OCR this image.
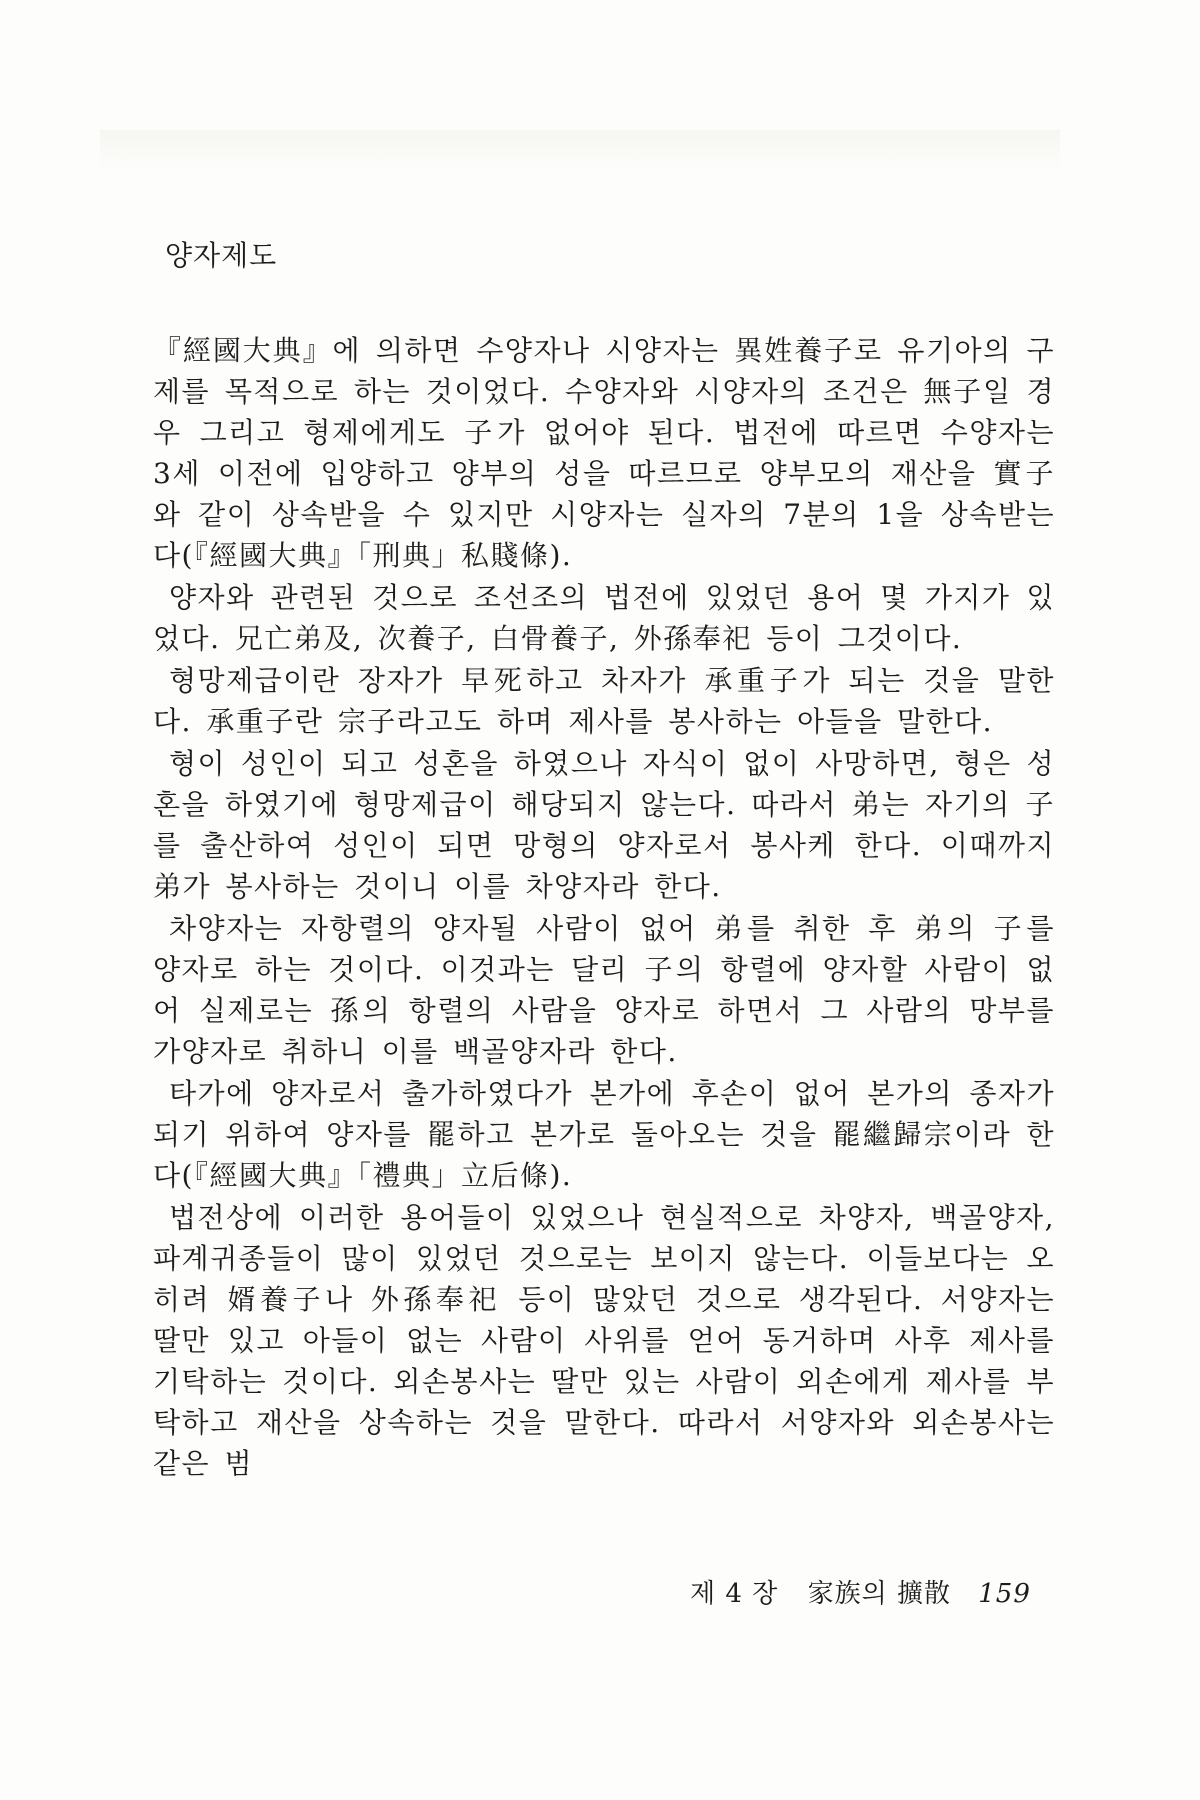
양자제도

『經國大典』에 의하면 수양자나 시양자는 異姓養子로 유기아의 구제를 목적으로 하는 것이었다. 수양자와 시양자의 조건은 無子일 경우 그리고 형제에게도 子가 없어야 된다. 법전에 따르면 수양자는 3세 이전에 입양하고 양부의 성을 따르므로 양부모의 재산을 實子와 같이 상속받을 수 있지만 시양자는 실자의 7분의 1을 상속받는다(『經國大典』「刑典」私賤條).

양자와 관련된 것으로 조선조의 법전에 있었던 용어 몇 가지가 있었다. 兄亡弟及, 次養子, 白骨養子, 外孫奉祀 등이 그것이다.

형망제급이란 장자가 早死하고 차자가 承重子가 되는 것을 말한다. 承重子란 宗子라고도 하며 제사를 봉사하는 아들을 말한다.

형이 성인이 되고 성혼을 하였으나 자식이 없이 사망하면, 형은 성혼을 하였기에 형망제급이 해당되지 않는다. 따라서 弟는 자기의 子를 출산하여 성인이 되면 망형의 양자로서 봉사케 한다. 이때까지 弟가 봉사하는 것이니 이를 차양자라 한다.

차양자는 자항렬의 양자될 사람이 없어 弟를 취한 후 弟의 子를 양자로 하는 것이다. 이것과는 달리 子의 항렬에 양자할 사람이 없어 실제로는 孫의 항렬의 사람을 양자로 하면서 그 사람의 망부를 가양자로 취하니 이를 백골양자라 한다.

타가에 양자로서 출가하였다가 본가에 후손이 없어 본가의 종자가 되기 위하여 양자를 罷하고 본가로 돌아오는 것을 罷繼歸宗이라 한다(『經國大典』「禮典」立后條).

법전상에 이러한 용어들이 있었으나 현실적으로 차양자, 백골양자, 파계귀종들이 많이 있었던 것으로는 보이지 않는다. 이들보다는 오히려 婿養子나 外孫奉祀 등이 많았던 것으로 생각된다. 서양자는 딸만 있고 아들이 없는 사람이 사위를 얻어 동거하며 사후 제사를 기탁하는 것이다. 외손봉사는 딸만 있는 사람이 외손에게 제사를 부탁하고 재산을 상속하는 것을 말한다. 따라서 서양자와 외손봉사는 같은 범

제 4 장 家族의 擴散 159
